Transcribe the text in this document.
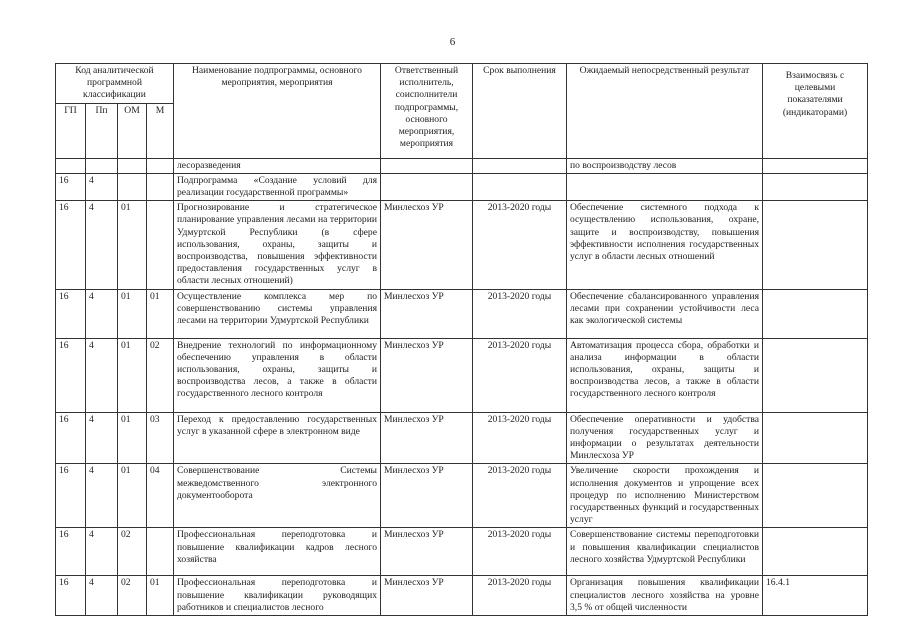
6
Код аналитической программной классификации				Наименование подпрограммы, основного мероприятия, мероприятия	Ответственный исполнитель, соисполнители подпрограммы, основного мероприятия, мероприятия	Срок выполнения	Ожидаемый непосредственный результат	Взаимосвязь с целевыми показателями (индикаторами)
ГП	Пп	ОМ	М					
				лесоразведения			по воспроизводству лесов	
16	4			Подпрограмма «Создание условий для реализации государственной программы»				
16	4	01		Прогнозирование и стратегическое планирование управления лесами на территории Удмуртской Республики (в сфере использования, охраны, защиты и воспроизводства, повышения эффективности предоставления государственных услуг в области лесных отношений)	Минлесхоз УР	2013-2020 годы	Обеспечение системного подхода к осуществлению использования, охране, защите и воспроизводству, повышения эффективности исполнения государственных услуг в области лесных отношений	
16	4	01	01	Осуществление комплекса мер по совершенствованию системы управления лесами на территории Удмуртской Республики	Минлесхоз УР	2013-2020 годы	Обеспечение сбалансированного управления лесами при сохранении устойчивости леса как экологической системы	
16	4	01	02	Внедрение технологий по информационному обеспечению управления в области использования, охраны, защиты и воспроизводства лесов, а также в области государственного лесного контроля	Минлесхоз УР	2013-2020 годы	Автоматизация процесса сбора, обработки и анализа информации в области использования, охраны, защиты и воспроизводства лесов, а также в области государственного лесного контроля	
16	4	01	03	Переход к предоставлению государственных услуг в указанной сфере в электронном виде	Минлесхоз УР	2013-2020 годы	Обеспечение оперативности и удобства получения государственных услуг и информации о результатах деятельности Минлесхоза УР	
16	4	01	04	Совершенствование Системы межведомственного электронного документооборота	Минлесхоз УР	2013-2020 годы	Увеличение скорости прохождения и исполнения документов и упрощение всех процедур по исполнению Министерством государственных функций и государственных услуг	
16	4	02		Профессиональная переподготовка и повышение квалификации кадров лесного хозяйства	Минлесхоз УР	2013-2020 годы	Совершенствование системы переподготовки и повышения квалификации специалистов лесного хозяйства Удмуртской Республики	
16	4	02	01	Профессиональная переподготовка и повышение квалификации руководящих работников и специалистов лесного	Минлесхоз УР	2013-2020 годы	Организация повышения квалификации специалистов лесного хозяйства на уровне 3,5 % от общей численности	16.4.1
